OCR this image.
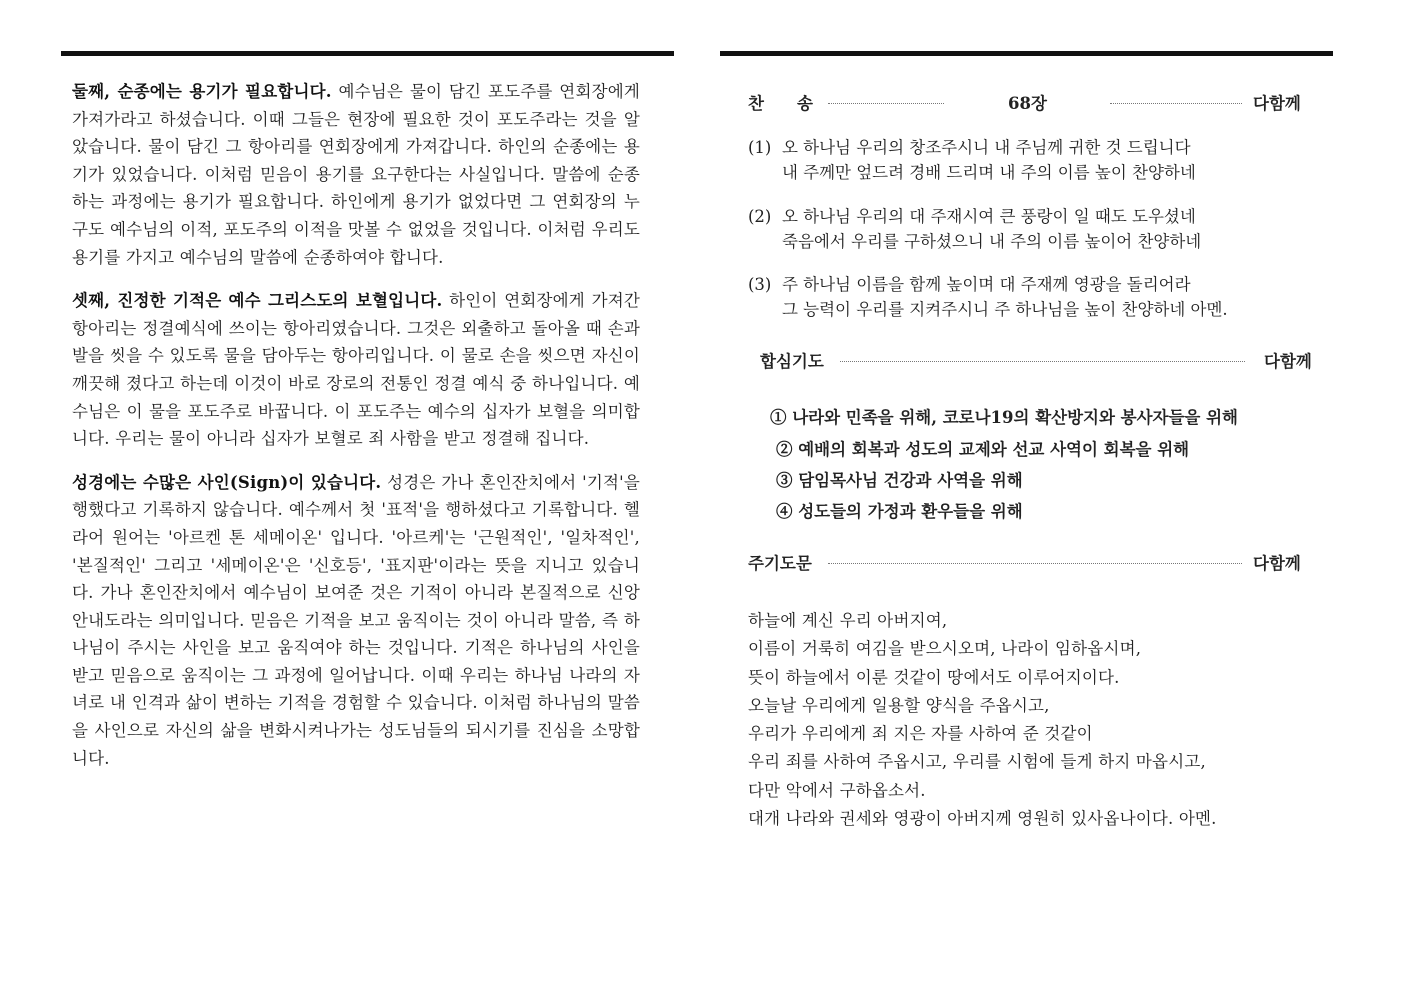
둘째, 순종에는 용기가 필요합니다. 예수님은 물이 담긴 포도주를 연회장에게 가져가라고 하셨습니다. 이때 그들은 현장에 필요한 것이 포도주라는 것을 알았습니다. 물이 담긴 그 항아리를 연회장에게 가져갑니다. 하인의 순종에는 용기가 있었습니다. 이처럼 믿음이 용기를 요구한다는 사실입니다. 말씀에 순종하는 과정에는 용기가 필요합니다. 하인에게 용기가 없었다면 그 연회장의 누구도 예수님의 이적, 포도주의 이적을 맛볼 수 없었을 것입니다. 이처럼 우리도 용기를 가지고 예수님의 말씀에 순종하여야 합니다.

셋째, 진정한 기적은 예수 그리스도의 보혈입니다. 하인이 연회장에게 가져간 항아리는 정결예식에 쓰이는 항아리였습니다. 그것은 외출하고 돌아올 때 손과 발을 씻을 수 있도록 물을 담아두는 항아리입니다. 이 물로 손을 씻으면 자신이 깨끗해 졌다고 하는데 이것이 바로 장로의 전통인 정결 예식 중 하나입니다. 예수님은 이 물을 포도주로 바꿉니다. 이 포도주는 예수의 십자가 보혈을 의미합니다. 우리는 물이 아니라 십자가 보혈로 죄 사함을 받고 정결해 집니다.

성경에는 수많은 사인(Sign)이 있습니다. 성경은 가나 혼인잔치에서 '기적'을 행했다고 기록하지 않습니다. 예수께서 첫 '표적'을 행하셨다고 기록합니다. 헬라어 원어는 '아르켄 톤 세메이온' 입니다. '아르케'는 '근원적인', '일차적인', '본질적인' 그리고 '세메이온'은 '신호등', '표지판'이라는 뜻을 지니고 있습니다. 가나 혼인잔치에서 예수님이 보여준 것은 기적이 아니라 본질적으로 신앙 안내도라는 의미입니다. 믿음은 기적을 보고 움직이는 것이 아니라 말씀, 즉 하나님이 주시는 사인을 보고 움직여야 하는 것입니다. 기적은 하나님의 사인을 받고 믿음으로 움직이는 그 과정에 일어납니다. 이때 우리는 하나님 나라의 자녀로 내 인격과 삶이 변하는 기적을 경험할 수 있습니다. 이처럼 하나님의 말씀을 사인으로 자신의 삶을 변화시켜나가는 성도님들의 되시기를 진심을 소망합니다.

찬　　송	68장	다함께
(1) 오 하나님 우리의 창조주시니 내 주님께 귀한 것 드립니다
내 주께만 엎드려 경배 드리며 내 주의 이름 높이 찬양하네
(2) 오 하나님 우리의 대 주재시여 큰 풍랑이 일 때도 도우셨네
죽음에서 우리를 구하셨으니 내 주의 이름 높이어 찬양하네
(3) 주 하나님 이름을 함께 높이며 대 주재께 영광을 돌리어라
그 능력이 우리를 지켜주시니 주 하나님을 높이 찬양하네 아멘.
합심기도	다함께
① 나라와 민족을 위해, 코로나19의 확산방지와 봉사자들을 위해
② 예배의 회복과 성도의 교제와 선교 사역이 회복을 위해
③ 담임목사님 건강과 사역을 위해
④ 성도들의 가정과 환우들을 위해
주기도문	다함께
하늘에 계신 우리 아버지여,
이름이 거룩히 여김을 받으시오며, 나라이 임하옵시며,
뜻이 하늘에서 이룬 것같이 땅에서도 이루어지이다.
오늘날 우리에게 일용할 양식을 주옵시고,
우리가 우리에게 죄 지은 자를 사하여 준 것같이
우리 죄를 사하여 주옵시고, 우리를 시험에 들게 하지 마옵시고,
다만 악에서 구하옵소서.
대개 나라와 권세와 영광이 아버지께 영원히 있사옵나이다. 아멘.
